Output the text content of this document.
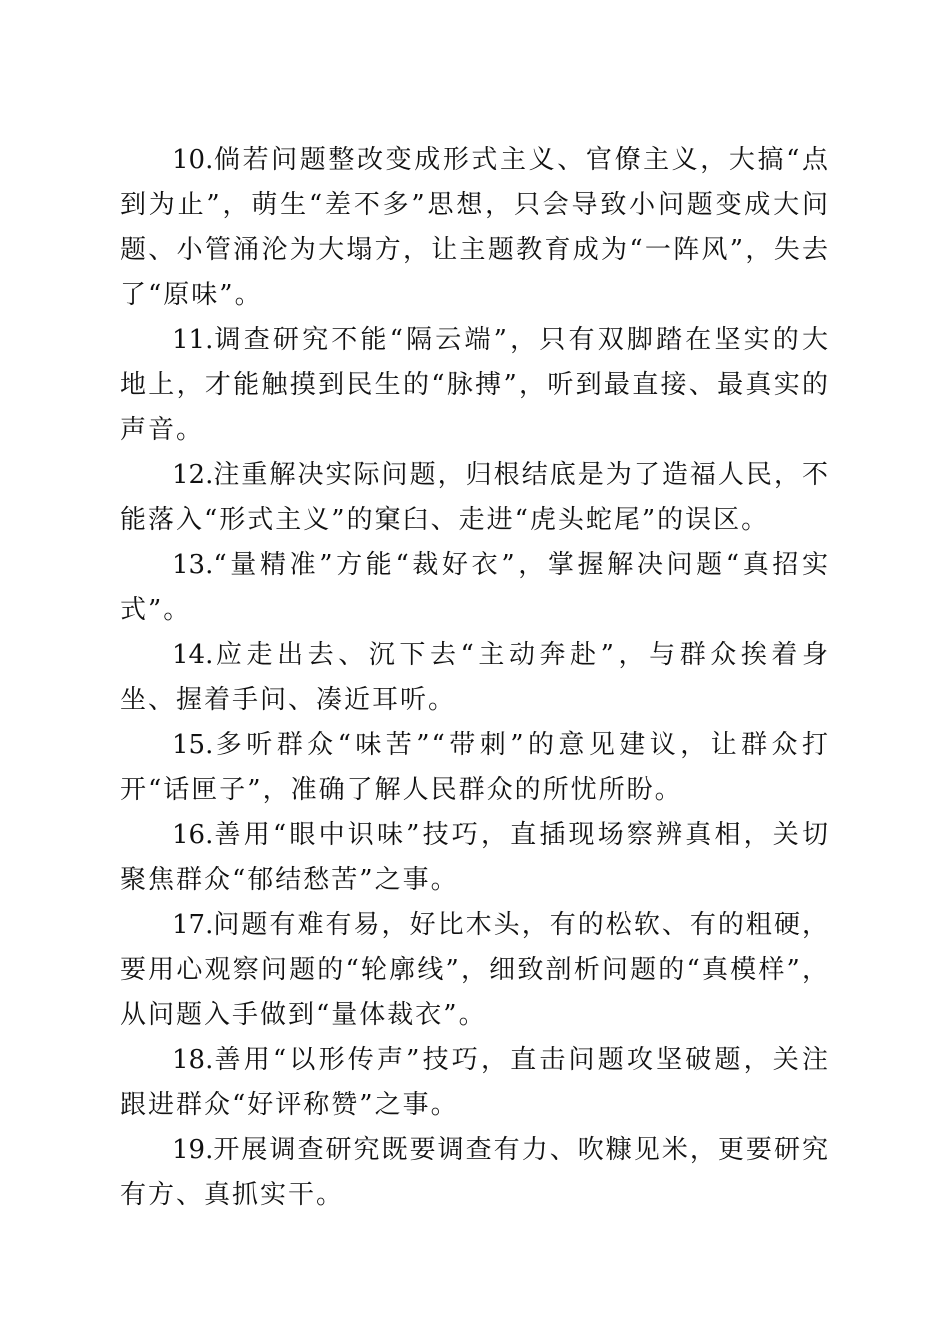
10.倘若问题整改变成形式主义、官僚主义，大搞“点到为止”，萌生“差不多”思想，只会导致小问题变成大问题、小管涌沦为大塌方，让主题教育成为“一阵风”，失去了“原味”。

11.调查研究不能“隔云端”，只有双脚踏在坚实的大地上，才能触摸到民生的“脉搏”，听到最直接、最真实的声音。

12.注重解决实际问题，归根结底是为了造福人民，不能落入“形式主义”的窠臼、走进“虎头蛇尾”的误区。

13.“量精准”方能“裁好衣”，掌握解决问题“真招实式”。

14.应走出去、沉下去“主动奔赴”，与群众挨着身坐、握着手问、凑近耳听。

15.多听群众“味苦”“带刺”的意见建议，让群众打开“话匣子”，准确了解人民群众的所忧所盼。

16.善用“眼中识味”技巧，直插现场察辨真相，关切聚焦群众“郁结愁苦”之事。

17.问题有难有易，好比木头，有的松软、有的粗硬，要用心观察问题的“轮廓线”，细致剖析问题的“真模样”，从问题入手做到“量体裁衣”。

18.善用“以形传声”技巧，直击问题攻坚破题，关注跟进群众“好评称赞”之事。

19.开展调查研究既要调查有力、吹糠见米，更要研究有方、真抓实干。
